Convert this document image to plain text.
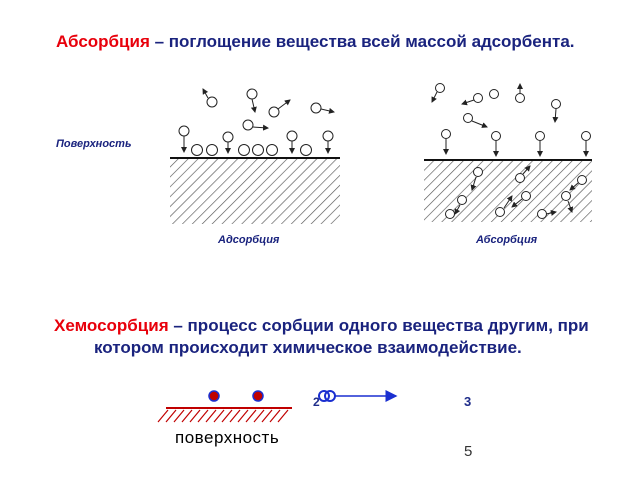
Абсорбция – поглощение вещества всей массой адсорбента.
Поверхность
Адсорбция	Абсорбция
Хемосорбция – процесс сорбции одного вещества другим, при
котором происходит химическое взаимодействие.
поверхность
2	3
5
